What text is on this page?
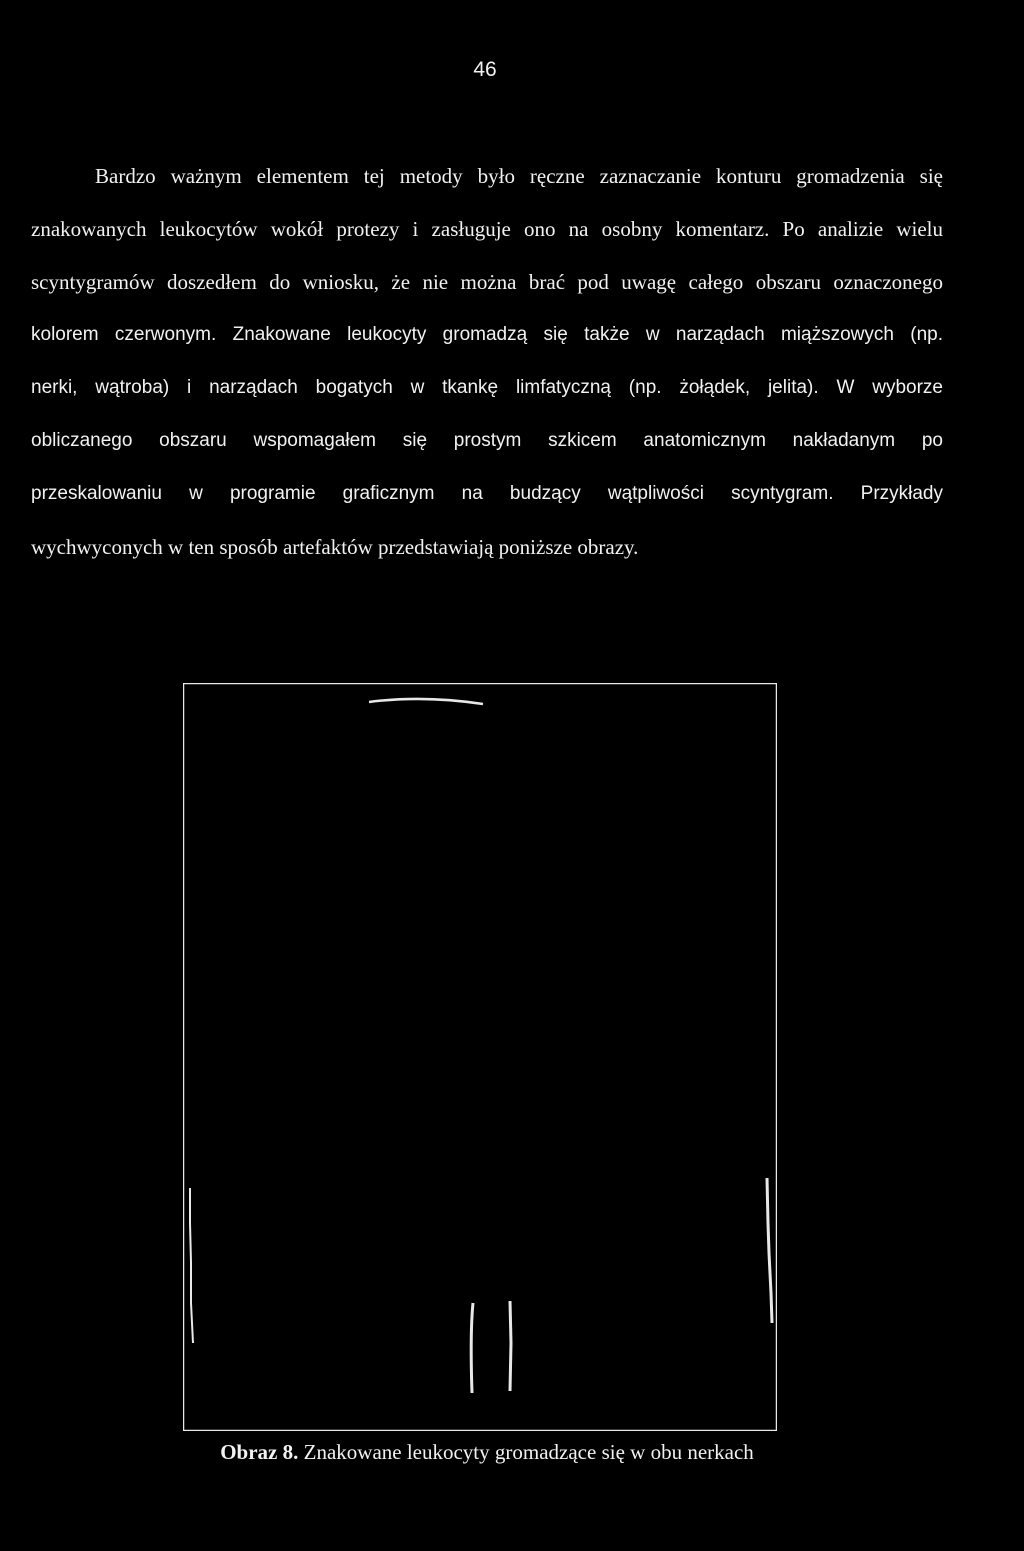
46
Bardzo ważnym elementem tej metody było ręczne zaznaczanie konturu gromadzenia się
znakowanych leukocytów wokół protezy i zasługuje ono na osobny komentarz. Po analizie wielu
scyntygramów doszedłem do wniosku, że nie można brać pod uwagę całego obszaru oznaczonego
kolorem czerwonym. Znakowane leukocyty gromadzą się także w narządach miąższowych (np.
nerki, wątroba) i narządach bogatych w tkankę limfatyczną (np. żołądek, jelita). W wyborze
obliczanego obszaru wspomagałem się prostym szkicem anatomicznym nakładanym po
przeskalowaniu w programie graficznym na budzący wątpliwości scyntygram. Przykłady
wychwyconych w ten sposób artefaktów przedstawiają poniższe obrazy.
Obraz 8. Znakowane leukocyty gromadzące się w obu nerkach
